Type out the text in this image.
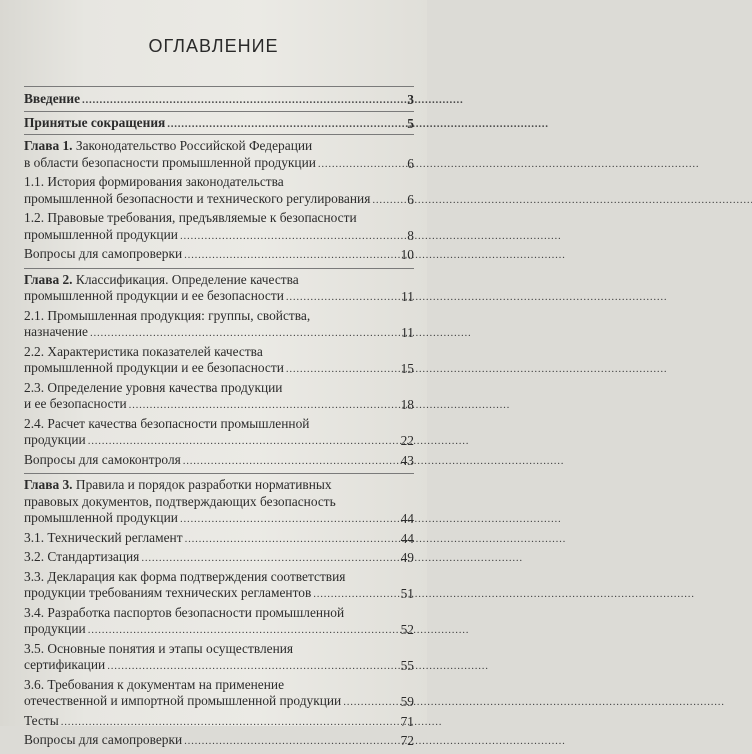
ОГЛАВЛЕНИЕ
Введение . . .	3
Принятые сокращения . . .	5
Глава 1. Законодательство Российской Федерации
в области безопасности промышленной продукции . . .	6
1.1. История формирования законодательства
промышленной безопасности и технического регулирования . . .	6
1.2. Правовые требования, предъявляемые к безопасности
промышленной продукции . . .	8
Вопросы для самопроверки . . .	10
Глава 2. Классификация. Определение качества
промышленной продукции и ее безопасности . . .	11
2.1. Промышленная продукция: группы, свойства,
назначение . . .	11
2.2. Характеристика показателей качества
промышленной продукции и ее безопасности . . .	15
2.3. Определение уровня качества продукции
и ее безопасности . . .	18
2.4. Расчет качества безопасности промышленной
продукции . . .	22
Вопросы для самоконтроля . . .	43
Глава 3. Правила и порядок разработки нормативных
правовых документов, подтверждающих безопасность
промышленной продукции . . .	44
3.1. Технический регламент . . .	44
3.2. Стандартизация . . .	49
3.3. Декларация как форма подтверждения соответствия
продукции требованиям технических регламентов . . .	51
3.4. Разработка паспортов безопасности промышленной
продукции . . .	52
3.5. Основные понятия и этапы осуществления
сертификации . . .	55
3.6. Требования к документам на применение
отечественной и импортной промышленной продукции . . .	59
Тесты . . .	71
Вопросы для самопроверки . . .	72
